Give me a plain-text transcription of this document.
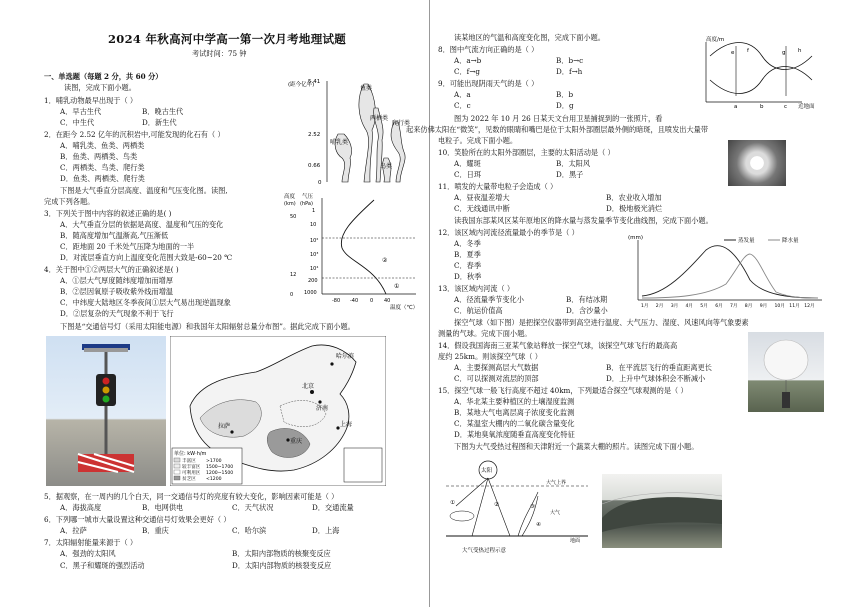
2024 年秋高河中学高一第一次月考地理试题
考试时间：75 钟
一、单选题（每题 2 分，共 60 分）
读图，完成下面小题。
1．哺乳动物最早出现于（ ）
A．早古生代	B．晚古生代
C．中生代	D．新生代
2．在距今 2.52 亿年的沉积岩中,可能发现的化石有（ ）
A．哺乳类、鱼类、两栖类
B．鱼类、两栖类、鸟类
C．两栖类、鸟类、爬行类
D．鱼类、两栖类、爬行类
下图是大气垂直分层高度、温度和气压变化图。读图,
完成下列各题。
3．下列关于图中内容的叙述正确的是( )
A．大气垂直分层的依据是高度、温度和气压的变化
B．随高度增加气温渐高,气压渐低
C．距地面 20 千米处气压降为地面的一半
D．对流层垂直方向上温度变化范围大致是-60~20 ℃
4．关于图中①②两层大气的正确叙述是( )
A．①层大气厚度随纬度增加而增厚
B．②层因氧原子吸收紫外线而增温
C．中纬度大陆地区冬季夜间①层大气易出现逆温现象
D．②层复杂的天气现象不利于飞行
下图是“交通信号灯（采用太阳能电源）和我国年太阳辐射总量分布图”。据此完成下面小题。
(距今亿年)
5.41
2.52
0.66
0
鱼类
两栖类
爬行类
鸟类
哺乳类
高度
(km)
气压
(hPa)
50
12
0
1
10
10²
10³
10⁴
200
1000
②
①
-80 -40 0 40
温度（℃）
哈尔滨
北京
济南
拉萨
重庆
上海
单位: kW·h/m
丰富区 >1700
较丰富区 1500~1700
可利用区 1200~1500
贫乏区 <1200
5．据观察，在一周内的几个白天，同一交通信号灯的亮度有较大变化，影响因素可能是（ ）
A．海拔高度	B．电网供电	C．天气状况	D．交通流量
6．下列哪一城市大量设置这种交通信号灯效果会更好（ ）
A．拉萨	B．重庆	C．哈尔滨	D．上海
7．太阳辐射能量来源于（ ）
A．强劲的太阳风	B．太阳内部物质的核聚变反应
C．黑子和耀斑的强烈活动	D．太阳内部物质的核裂变反应
读某地区的气温和高度变化图，完成下面小题。
8．图中气流方向正确的是（ ）
A．a→b	B．b→c
C．f→g	D．f→h
9．可能出现阴雨天气的是（ ）
A．a	B．b
C．c	D．g
高度/m
e f	g h
a	b	c 近地面
图为 2022 年 10 月 26 日某天文台用卫星捕捉到的一张照片，看
起来仿佛太阳在“微笑”，见数的眼睛和嘴巴是位于太阳外部圈层最外侧的暗斑，且喷发出大量带
电粒子。完成下面小题。
10．笑脸所在的太阳外部圈层，主要的太阳活动是（ ）
A．耀斑	B．太阳风
C．日珥	D．黑子
11．喷发的大量带电粒子会造成（ ）
A．昼夜温差增大	B．农业收入增加
C．无线通讯中断	D．极地极光消烂
读我国东部某风区某年原地区的降水量与蒸发量季节变化曲线图，完成下面小题。
12．该区域内河流径流量最小的季节是（ ）
A．冬季
B．夏季
C．春季
D．秋季
13．该区域内河流（ ）
A．径流量季节变化小	B．有结冰期
C．航运价值高	D．含沙量小
(mm)	蒸发量	降水量
1月 2月 3月 4月 5月 6月 7月 8月 9月 10月 11月 12月
探空气球（如下图）是把探空仪器带到高空进行温度、大气压力、湿度、风速风向等气象要素
测量的气球。完成下面小题。
14．假设我国海南三亚某气象站释放一探空气球，该探空气球飞行的最高高
度约 25km。则该探空气球（ ）
A．主要探测高层大气数据	B．在平流层飞行的垂直距离更长
C．可以探测对流层的顶部	D．上升中气球体积会不断减小
15．探空气球一般飞行高度不超过 40km，下列最适合探空气球观测的是（ ）
A．华北某主要种植区的土壤湿度监测
B．某地大气电离层离子浓度变化监测
C．某温室大棚内的二氧化碳含量变化
D．某地臭氧浓度随垂直高度变化特征
下图为大气受热过程图和天津附近一个蔬菜大棚的照片。读图完成下面小题。
太阳
大气上界
大气
地面
①	②	③
④
大气受热过程示意
